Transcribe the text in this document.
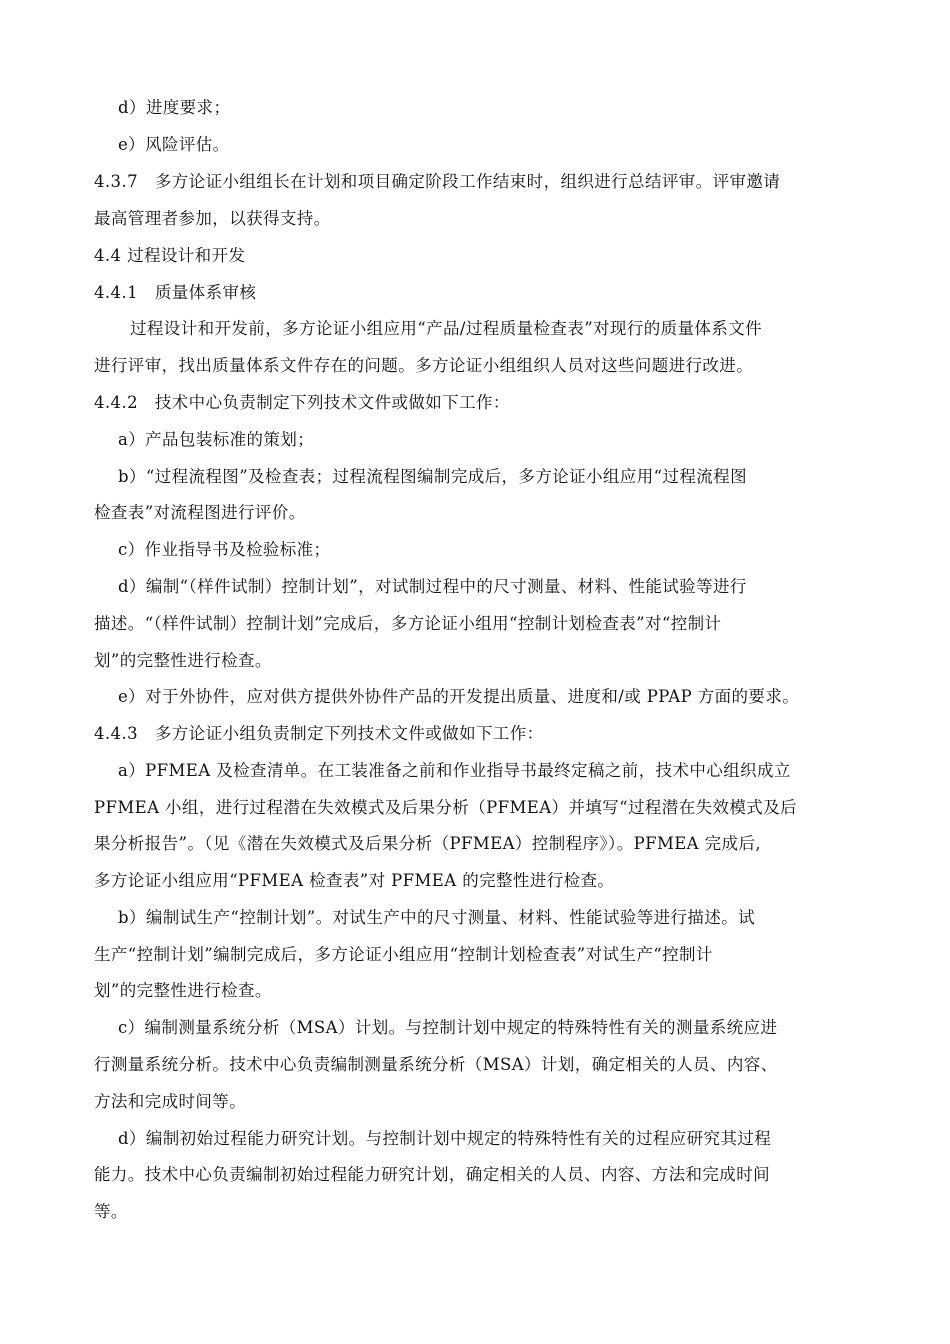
d）进度要求；
e）风险评估。
4.3.7　多方论证小组组长在计划和项目确定阶段工作结束时，组织进行总结评审。评审邀请
最高管理者参加，以获得支持。
4.4 过程设计和开发
4.4.1　质量体系审核
过程设计和开发前，多方论证小组应用“产品/过程质量检查表”对现行的质量体系文件
进行评审，找出质量体系文件存在的问题。多方论证小组组织人员对这些问题进行改进。
4.4.2　技术中心负责制定下列技术文件或做如下工作：
a）产品包装标准的策划；
b）“过程流程图”及检查表；过程流程图编制完成后，多方论证小组应用“过程流程图
检查表”对流程图进行评价。
c）作业指导书及检验标准；
d）编制“（样件试制）控制计划”，对试制过程中的尺寸测量、材料、性能试验等进行
描述。“（样件试制）控制计划”完成后，多方论证小组用“控制计划检查表”对“控制计
划”的完整性进行检查。
e）对于外协件，应对供方提供外协件产品的开发提出质量、进度和/或 PPAP 方面的要求。
4.4.3　多方论证小组负责制定下列技术文件或做如下工作：
a）PFMEA 及检查清单。在工装准备之前和作业指导书最终定稿之前，技术中心组织成立
PFMEA 小组，进行过程潜在失效模式及后果分析（PFMEA）并填写“过程潜在失效模式及后
果分析报告”。（见《潜在失效模式及后果分析（PFMEA）控制程序》）。PFMEA 完成后,
多方论证小组应用“PFMEA 检查表”对 PFMEA 的完整性进行检查。
b）编制试生产“控制计划”。对试生产中的尺寸测量、材料、性能试验等进行描述。试
生产“控制计划”编制完成后，多方论证小组应用“控制计划检查表”对试生产“控制计
划”的完整性进行检查。
c）编制测量系统分析（MSA）计划。与控制计划中规定的特殊特性有关的测量系统应进
行测量系统分析。技术中心负责编制测量系统分析（MSA）计划，确定相关的人员、内容、
方法和完成时间等。
d）编制初始过程能力研究计划。与控制计划中规定的特殊特性有关的过程应研究其过程
能力。技术中心负责编制初始过程能力研究计划，确定相关的人员、内容、方法和完成时间
等。
